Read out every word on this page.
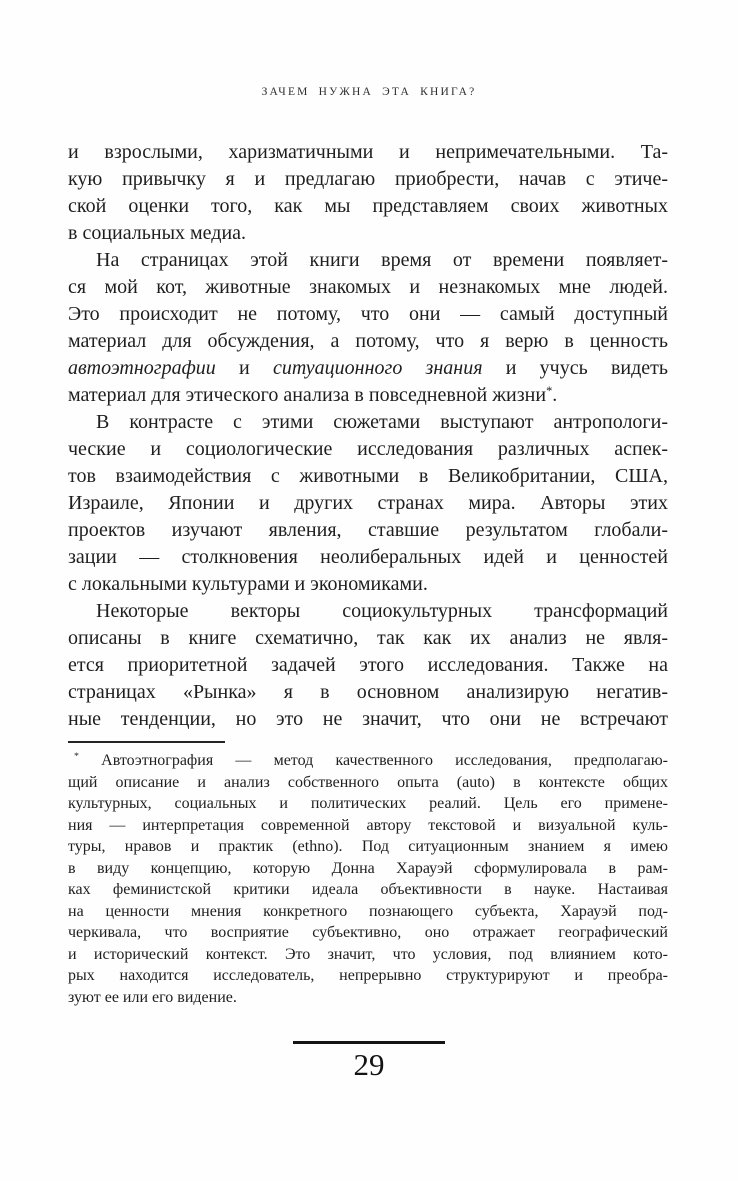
ЗАЧЕМ НУЖНА ЭТА КНИГА?
и взрослыми, харизматичными и непримечательными. Та-
кую привычку я и предлагаю приобрести, начав с этиче-
ской оценки того, как мы представляем своих животных
в социальных медиа.
На страницах этой книги время от времени появляет-
ся мой кот, животные знакомых и незнакомых мне людей.
Это происходит не потому, что они — самый доступный
материал для обсуждения, а потому, что я верю в ценность
автоэтнографии и ситуационного знания и учусь видеть
материал для этического анализа в повседневной жизни*.
В контрасте с этими сюжетами выступают антропологи-
ческие и социологические исследования различных аспек-
тов взаимодействия с животными в Великобритании, США,
Израиле, Японии и других странах мира. Авторы этих
проектов изучают явления, ставшие результатом глобали-
зации — столкновения неолиберальных идей и ценностей
с локальными культурами и экономиками.
Некоторые векторы социокультурных трансформаций
описаны в книге схематично, так как их анализ не явля-
ется приоритетной задачей этого исследования. Также на
страницах «Рынка» я в основном анализирую негатив-
ные тенденции, но это не значит, что они не встречают
* Автоэтнография — метод качественного исследования, предполагаю-
щий описание и анализ собственного опыта (auto) в контексте общих
культурных, социальных и политических реалий. Цель его примене-
ния — интерпретация современной автору текстовой и визуальной куль-
туры, нравов и практик (ethno). Под ситуационным знанием я имею
в виду концепцию, которую Донна Харауэй сформулировала в рам-
ках феминистской критики идеала объективности в науке. Настаивая
на ценности мнения конкретного познающего субъекта, Харауэй под-
черкивала, что восприятие субъективно, оно отражает географический
и исторический контекст. Это значит, что условия, под влиянием кото-
рых находится исследователь, непрерывно структурируют и преобра-
зуют ее или его видение.
29
